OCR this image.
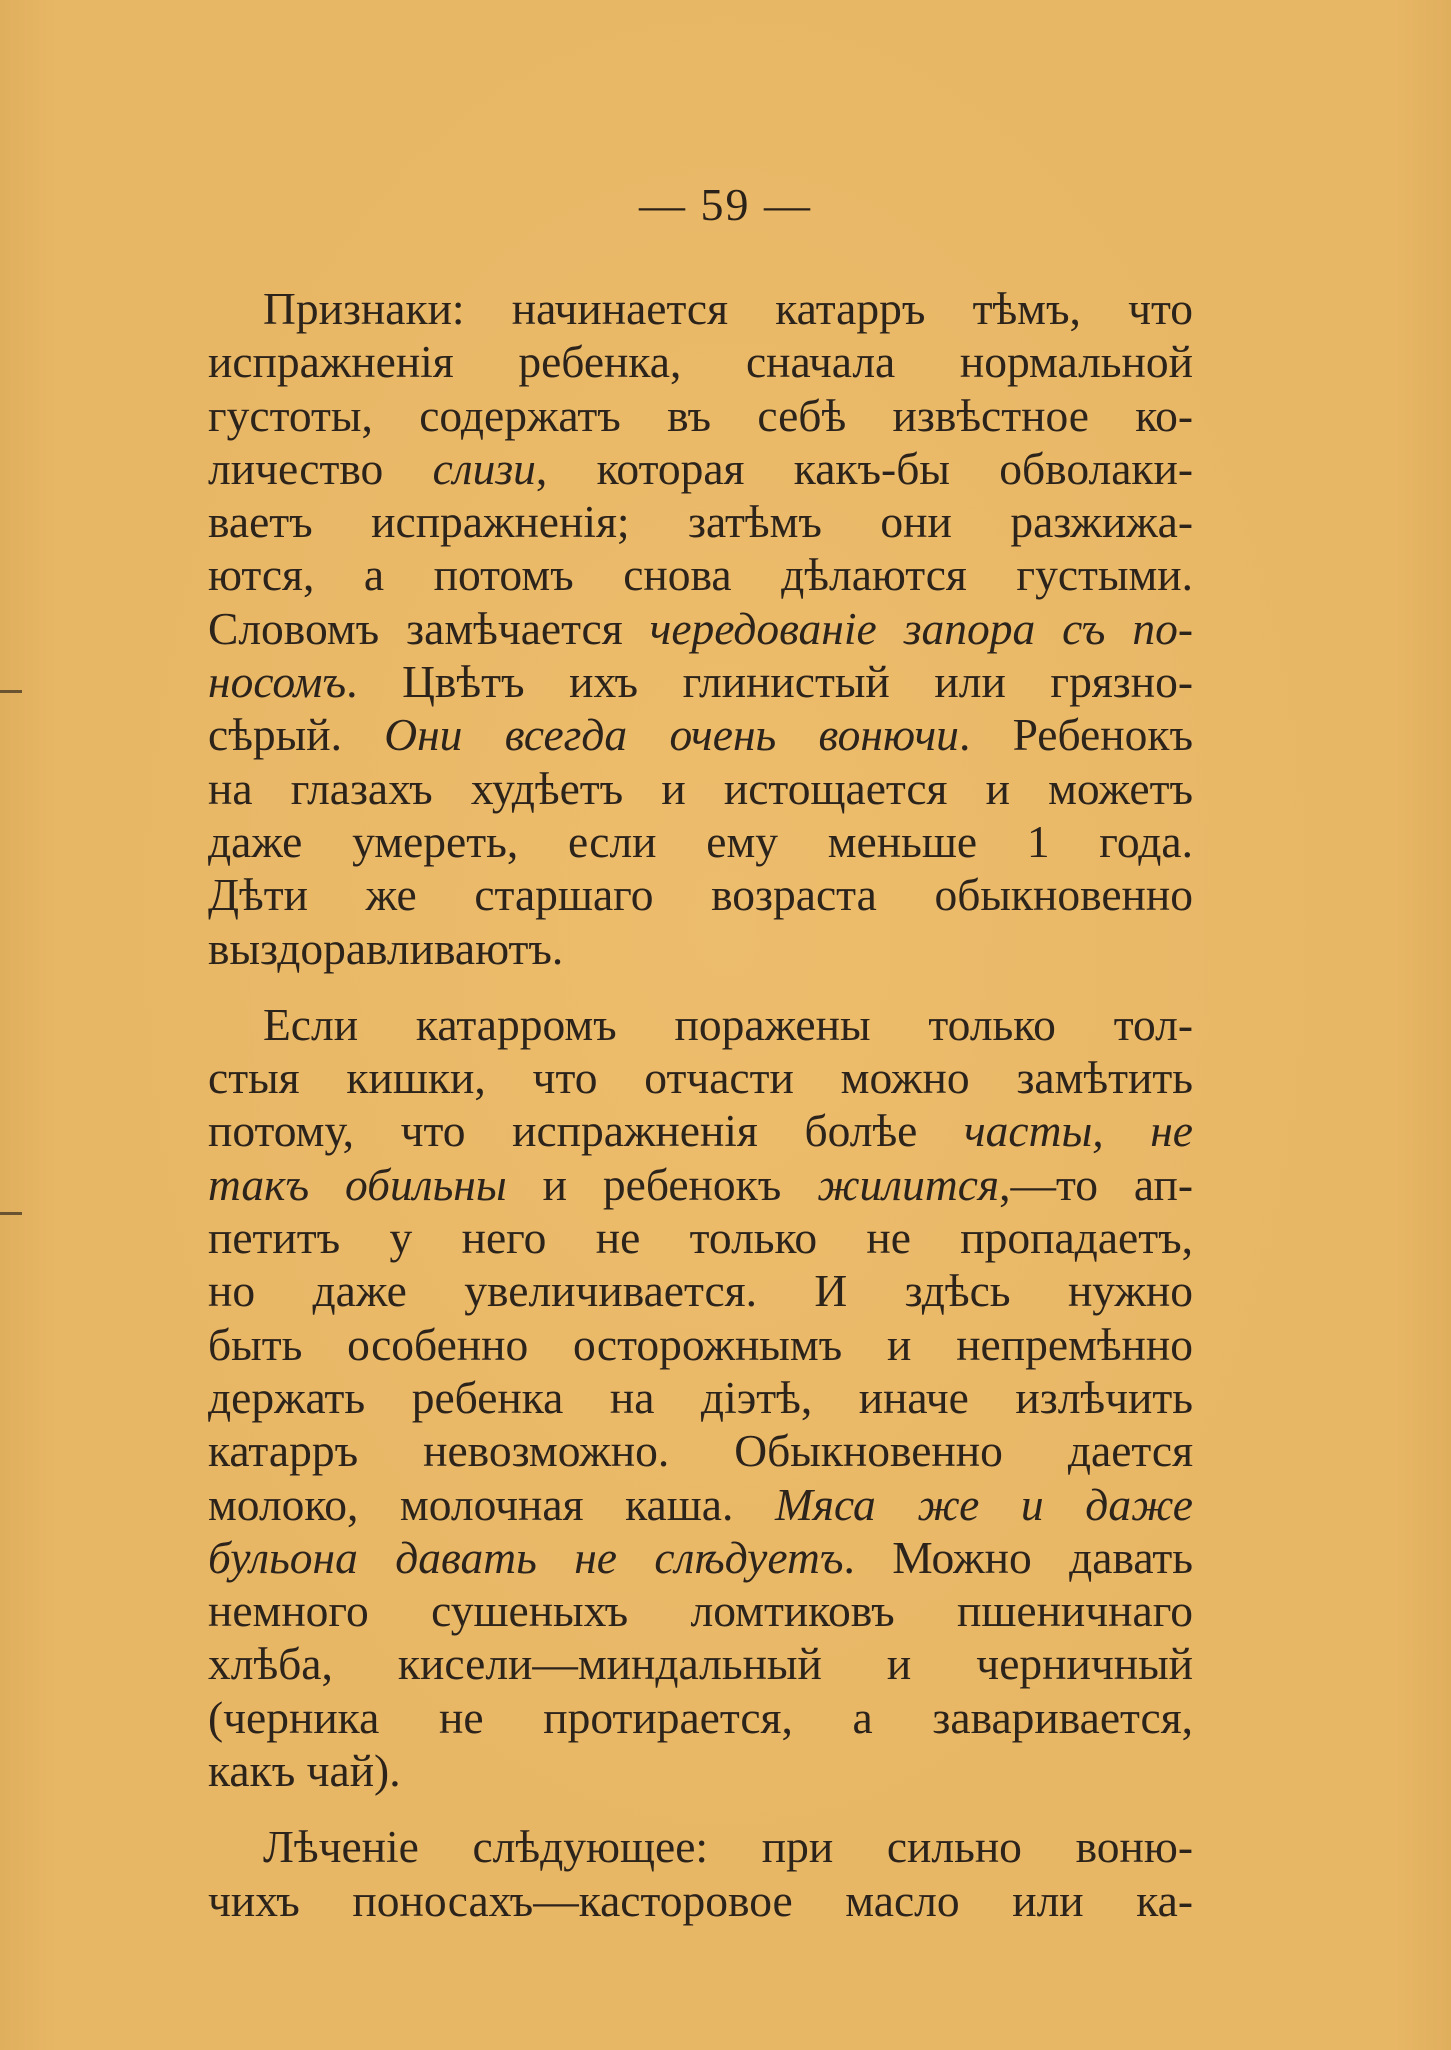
— 59 —

Признаки: начинается катарръ тѣмъ, что
испражненія ребенка, сначала нормальной
густоты, содержатъ въ себѣ извѣстное ко-
личество слизи, которая какъ-бы обволаки-
ваетъ испражненія; затѣмъ они разжижа-
ются, а потомъ снова дѣлаются густыми.
Словомъ замѣчается чередованіе запора съ по-
носомъ. Цвѣтъ ихъ глинистый или грязно-
сѣрый. Они всегда очень вонючи. Ребенокъ
на глазахъ худѣетъ и истощается и можетъ
даже умереть, если ему меньше 1 года.
Дѣти же старшаго возраста обыкновенно
выздоравливаютъ.

Если катарромъ поражены только тол-
стыя кишки, что отчасти можно замѣтить
потому, что испражненія болѣе часты, не
такъ обильны и ребенокъ жилится,—то ап-
петитъ у него не только не пропадаетъ,
но даже увеличивается. И здѣсь нужно
быть особенно осторожнымъ и непремѣнно
держать ребенка на діэтѣ, иначе излѣчить
катарръ невозможно. Обыкновенно дается
молоко, молочная каша. Мяса же и даже
бульона давать не слѣдуетъ. Можно давать
немного сушеныхъ ломтиковъ пшеничнаго
хлѣба, кисели—миндальный и черничный
(черника не протирается, а заваривается,
какъ чай).

Лѣченіе слѣдующее: при сильно воню-
чихъ поносахъ—касторовое масло или ка-
